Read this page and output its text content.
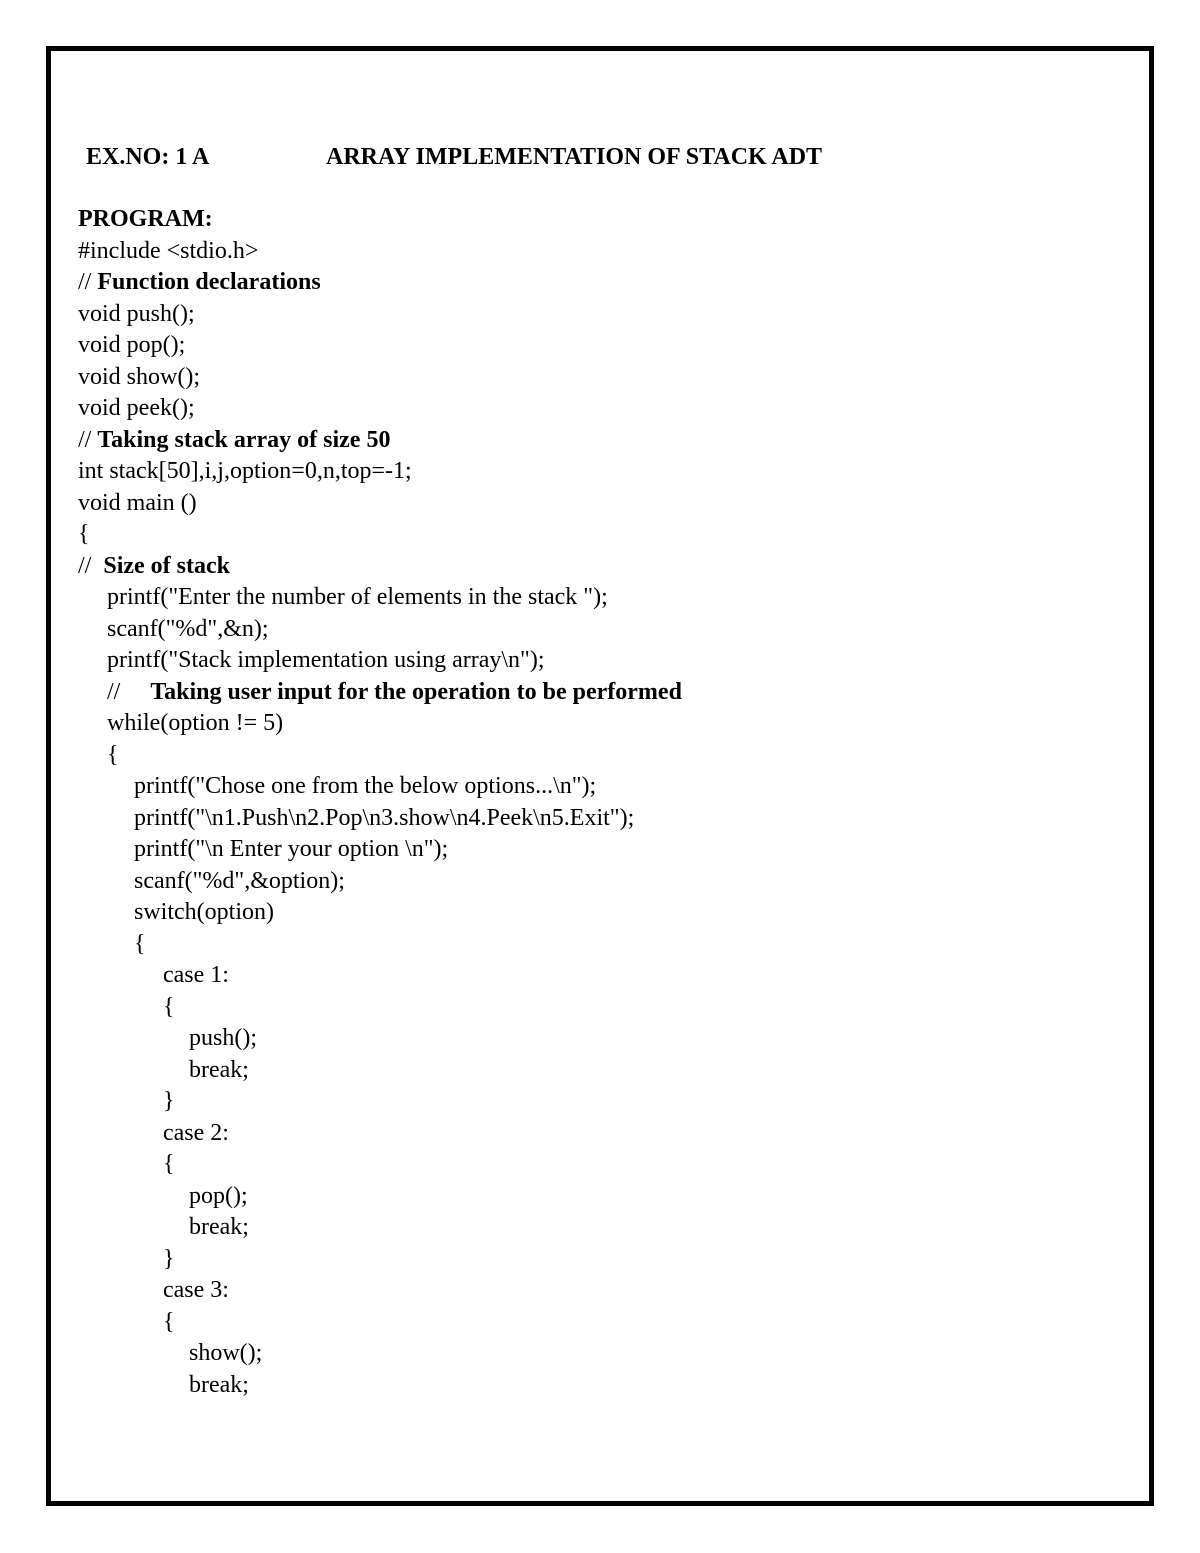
EX.NO: 1 A

	ARRAY IMPLEMENTATION OF STACK ADT

PROGRAM:
#include <stdio.h>
// Function declarations
void push();
void pop();
void show();
void peek();
// Taking stack array of size 50
int stack[50],i,j,option=0,n,top=-1;
void main ()
{
//  Size of stack
printf("Enter the number of elements in the stack ");
scanf("%d",&n);
printf("Stack implementation using array\n");
//     Taking user input for the operation to be performed
while(option != 5)
{
printf("Chose one from the below options...\n");
printf("\n1.Push\n2.Pop\n3.show\n4.Peek\n5.Exit");
printf("\n Enter your option \n");
scanf("%d",&option);
switch(option)
{
case 1:
{
push();
break;
}
case 2:
{
pop();
break;
}
case 3:
{
show();
break;
